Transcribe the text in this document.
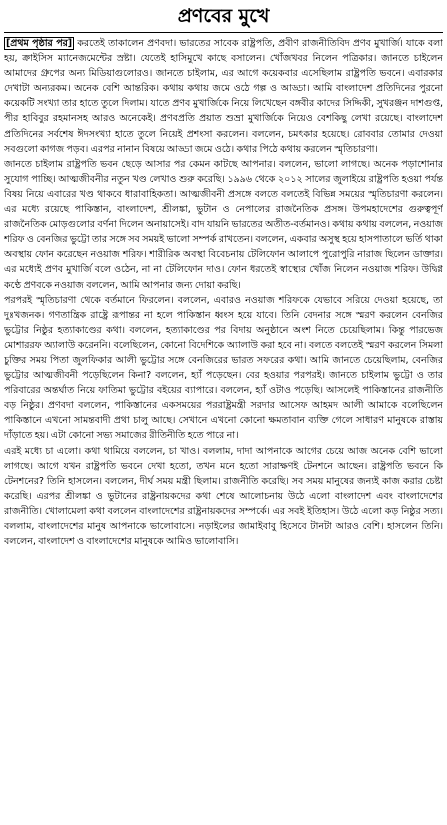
প্রণবের মুখে

[প্রথম পৃষ্ঠার পর] করতেই তাকালেন প্রণবদা। ভারতের সাবেক রাষ্ট্রপতি, প্রবীণ রাজনীতিবিদ প্রণব মুখার্জি। যাকে বলা হয়, ক্রাইসিস ম্যানেজমেন্টের স্রষ্টা। যেতেই হাসিমুখে কাছে বসালেন। খোঁজখবর নিলেন পত্রিকার। জানতে চাইলেন আমাদের গ্রুপের অন্য মিডিয়াগুলোরও। জানতে চাইলাম, এর আগে কয়েকবার এসেছিলাম রাষ্ট্রপতি ভবনে। এবারকার দেখাটা অন্যরকম। অনেক বেশি আন্তরিক। কথায় কথায় জমে ওঠে গল্প ও আড্ডা। আমি বাংলাদেশ প্রতিদিনের পুরনো কয়েকটি সংখ্যা তার হাতে তুলে দিলাম। যাতে প্রণব মুখার্জিকে নিয়ে লিখেছেন বঙ্গবীর কাদের সিদ্দিকী, সুখরঞ্জন দাশগুপ্ত, পীর হাবিবুর রহমানসহ আরও অনেকেই। প্রণবপ্রতি প্রয়াত শুভ্রা মুখার্জিকে নিয়েও বেশকিছু লেখা রয়েছে। বাংলাদেশ প্রতিদিনের সর্বশেষ ঈদসংখ্যা হাতে তুলে নিয়েই প্রশংসা করলেন। বললেন, চমৎকার হয়েছে। রোববার তোমার দেওয়া সবগুলো কাগজ পড়ব। এরপর নানান বিষয়ে আড্ডা জমে ওঠে। কথার পিঠে কথায় করলেন স্মৃতিচারণা।

জানতে চাইলাম রাষ্ট্রপতি ভবন ছেড়ে আসার পর কেমন কাটছে আপনার। বললেন, ভালো লাগছে। অনেক পড়াশোনার সুযোগ পাচ্ছি। আত্মজীবনীর নতুন খণ্ড লেখাও শুরু করেছি। ১৯৯৬ থেকে ২০১২ সালের জুলাইয়ে রাষ্ট্রপতি হওয়া পর্যন্ত বিষয় নিয়ে এবারের খণ্ড থাকবে ধারাবাহিকতা। আত্মজীবনী প্রসঙ্গে বলতে বলতেই বিভিন্ন সময়ের স্মৃতিচারণা করলেন। এর মধ্যে রয়েছে পাকিস্তান, বাংলাদেশ, শ্রীলঙ্কা, ভুটান ও নেপালের রাজনৈতিক প্রসঙ্গ। উপমহাদেশের গুরুত্বপূর্ণ রাজনৈতিক মোড়গুলোর বর্ণনা দিলেন অনায়াসেই। বাদ যায়নি ভারতের অতীত-বর্তমানও। কথায় কথায় বললেন, নওয়াজ শরিফ ও বেনজির ভুট্টো তার সঙ্গে সব সময়ই ভালো সম্পর্ক রাখতেন। বললেন, একবার অসুস্থ হয়ে হাসপাতালে ভর্তি থাকা অবস্থায় ফোন করেছেন নওয়াজ শরিফ। শারীরিক অবস্থা বিবেচনায় টেলিফোন আলাপে পুরোপুরি নারাজ ছিলেন ডাক্তার। এর মধ্যেই প্রণব মুখার্জি বলে ওঠেন, না না টেলিফোন দাও। ফোন ধরতেই স্বাস্থ্যের খোঁজ নিলেন নওয়াজ শরিফ। উদ্বিগ্ন কণ্ঠে প্রণবকে নওয়াজ বললেন, আমি আপনার জন্য দোয়া করছি।

পরপরই স্মৃতিচারণা থেকে বর্তমানে ফিরলেন। বললেন, এবারও নওয়াজ শরিফকে যেভাবে সরিয়ে দেওয়া হয়েছে, তা দুঃখজনক। গণতান্ত্রিক রাষ্ট্রে রূপান্তর না হলে পাকিস্তান ধ্বংস হয়ে যাবে। তিনি বেদনার সঙ্গে স্মরণ করলেন বেনজির ভুট্টোর নিষ্ঠুর হত্যাকাণ্ডের কথা। বললেন, হত্যাকাণ্ডের পর বিদায় অনুষ্ঠানে অংশ নিতে চেয়েছিলাম। কিন্তু পারভেজ মোশাররফ অ্যালাউ করেননি। বলেছিলেন, কোনো বিদেশিকে অ্যালাউ করা হবে না। বলতে বলতেই স্মরণ করলেন সিমলা চুক্তির সময় পিতা জুলফিকার আলী ভুট্টোর সঙ্গে বেনজিরের ভারত সফরের কথা। আমি জানতে চেয়েছিলাম, বেনজির ভুট্টোর আত্মজীবনী পড়েছিলেন কিনা? বললেন, হ্যাঁ পড়েছেন। বের হওয়ার পরপরই। জানতে চাইলাম ভুট্টো ও তার পরিবারের অন্তর্ঘাত নিয়ে ফাতিমা ভুট্টোর বইয়ের ব্যাপারে। বললেন, হ্যাঁ ওটাও পড়েছি। আসলেই পাকিস্তানের রাজনীতি বড় নিষ্ঠুর। প্রণবদা বললেন, পাকিস্তানের একসময়ের পররাষ্ট্রমন্ত্রী সরদার আসেফ আহমদ আলী আমাকে বলেছিলেন পাকিস্তানে এখনো সামন্তবাদী প্রথা চালু আছে। সেখানে এখনো কোনো ক্ষমতাবান ব্যক্তি গেলে সাধারণ মানুষকে রাস্তায় দাঁড়াতে হয়। এটা কোনো সভ্য সমাজের রীতিনীতি হতে পারে না।

এরই মধ্যে চা এলো। কথা থামিয়ে বললেন, চা খাও। বললাম, দাদা আপনাকে আগের চেয়ে আজ অনেক বেশি ভালো লাগছে। আগে যখন রাষ্ট্রপতি ভবনে দেখা হতো, তখন মনে হতো সারাক্ষণই টেনশনে আছেন। রাষ্ট্রপতি ভবনে কি টেনশনের? তিনি হাসলেন। বললেন, দীর্ঘ সময় মন্ত্রী ছিলাম। রাজনীতি করেছি। সব সময় মানুষের জন্যই কাজ করার চেষ্টা করেছি। এরপর শ্রীলঙ্কা ও ভুটানের রাষ্ট্রনায়কদের কথা শেষে আলোচনায় উঠে এলো বাংলাদেশ এবং বাংলাদেশের রাজনীতি। খোলামেলা কথা বললেন বাংলাদেশের রাষ্ট্রনায়কদের সম্পর্কে। এর সবই ইতিহাস। উঠে এলো কড় নিষ্ঠুর সত্য। বললাম, বাংলাদেশের মানুষ আপনাকে ভালোবাসে। নড়াইলের জামাইবাবু হিসেবে টানটা আরও বেশি। হাসলেন তিনি। বললেন, বাংলাদেশ ও বাংলাদেশের মানুষকে আমিও ভালোবাসি।
